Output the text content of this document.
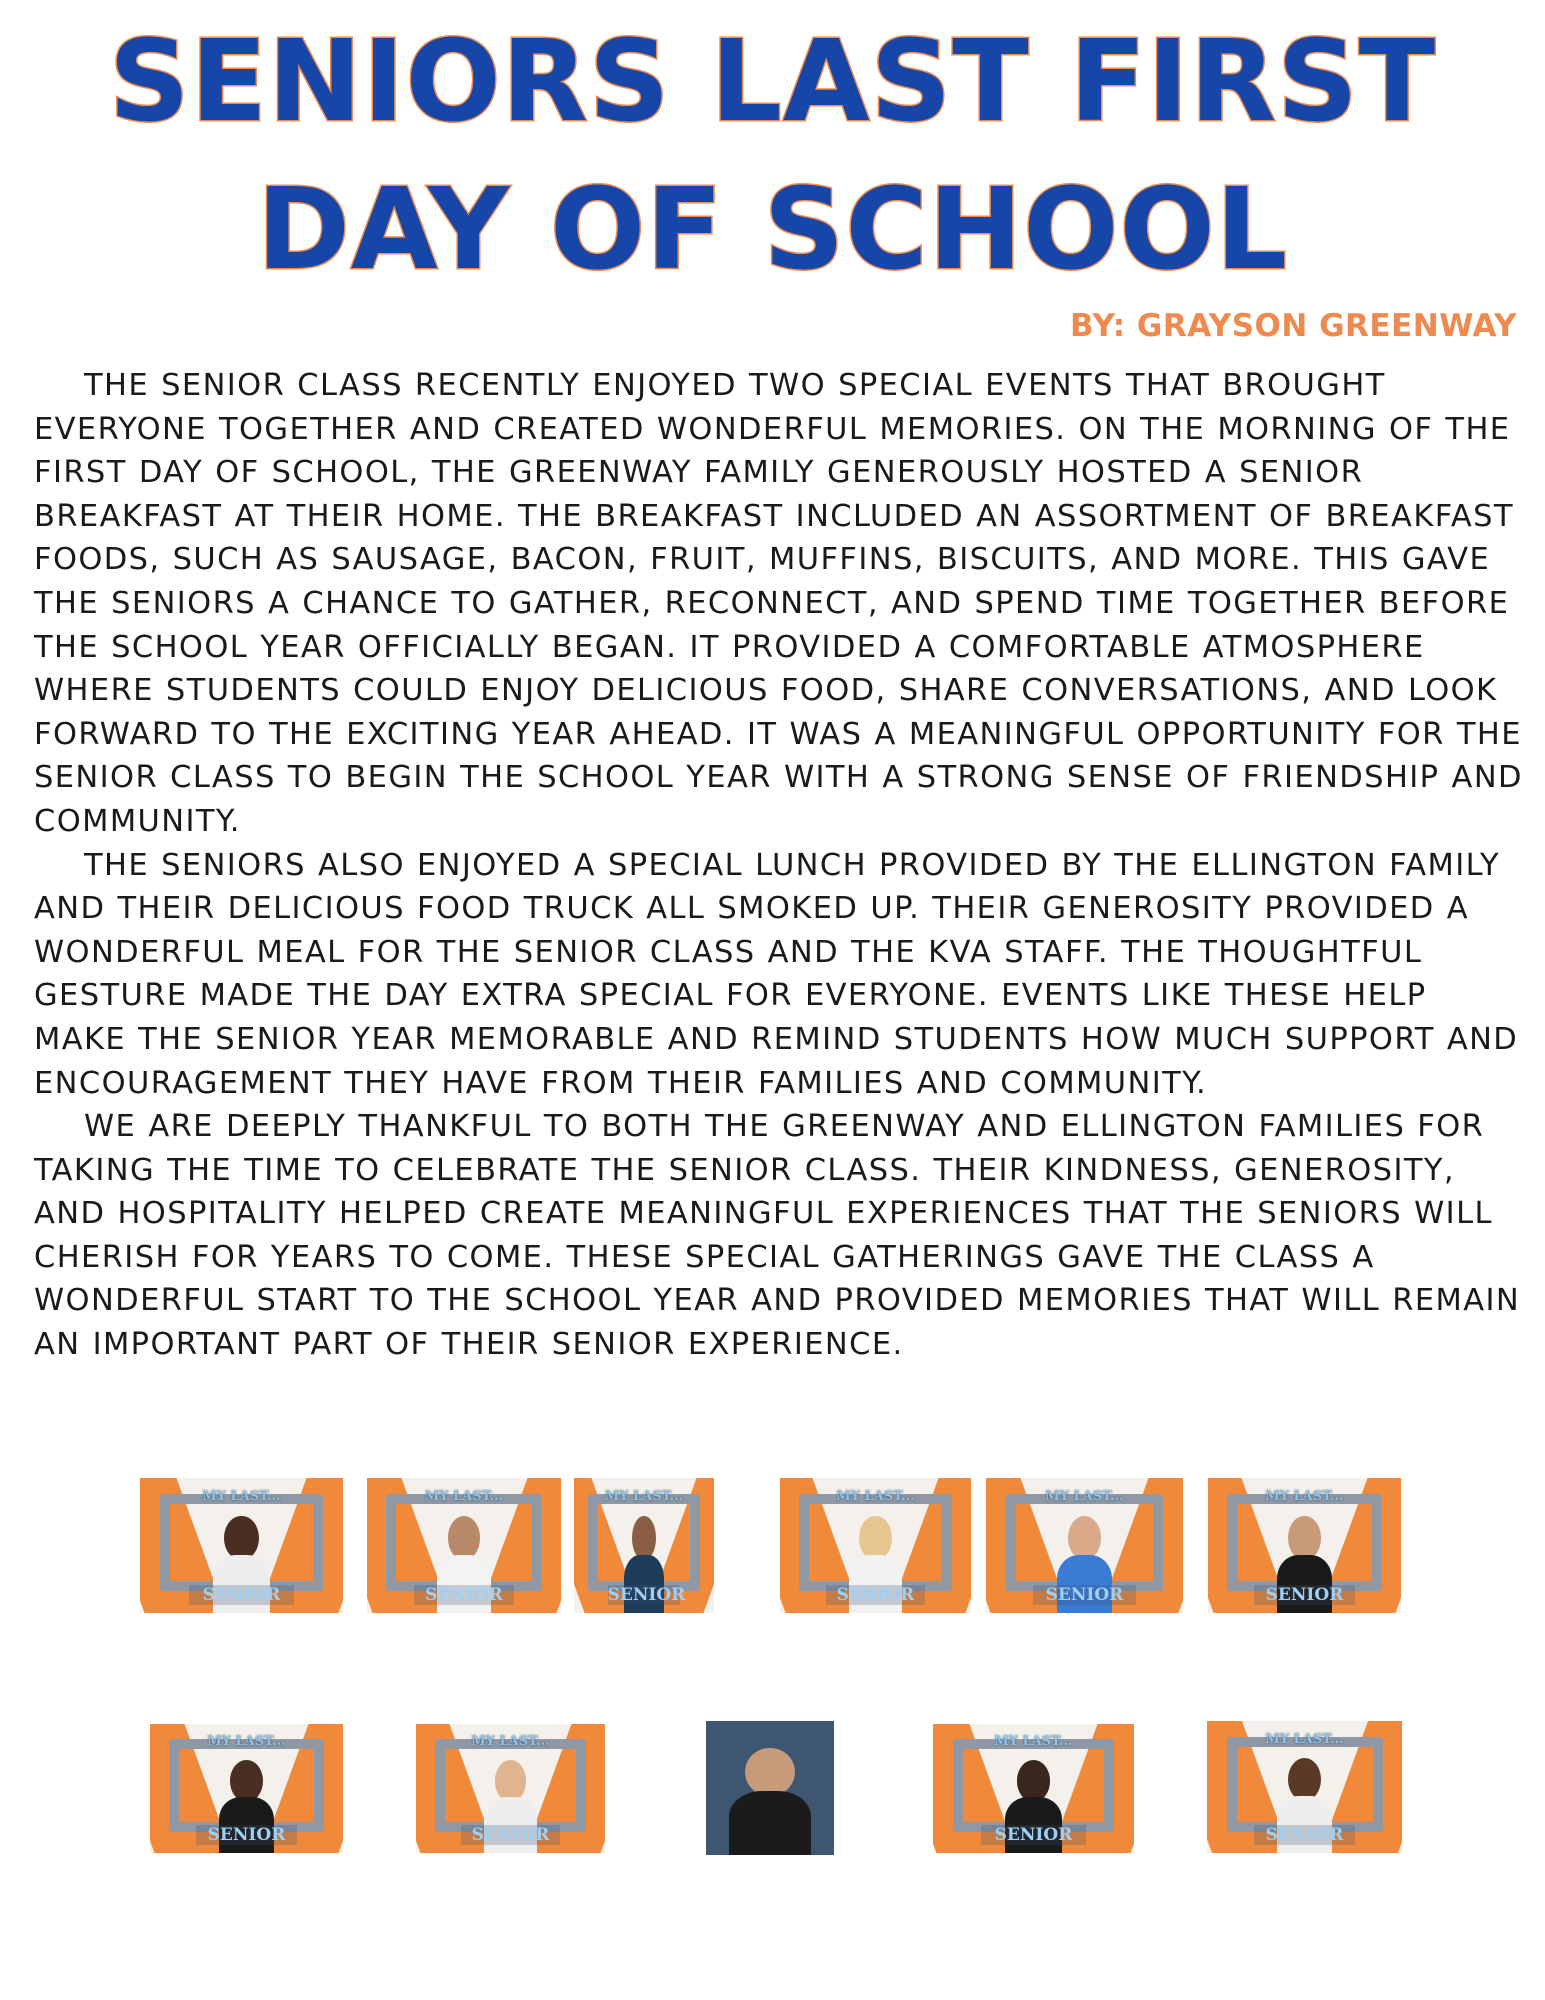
SENIORS LAST FIRST
DAY OF SCHOOL
BY: GRAYSON GREENWAY

THE SENIOR CLASS RECENTLY ENJOYED TWO SPECIAL EVENTS THAT BROUGHT EVERYONE TOGETHER AND CREATED WONDERFUL MEMORIES. ON THE MORNING OF THE FIRST DAY OF SCHOOL, THE GREENWAY FAMILY GENEROUSLY HOSTED A SENIOR BREAKFAST AT THEIR HOME. THE BREAKFAST INCLUDED AN ASSORTMENT OF BREAKFAST FOODS, SUCH AS SAUSAGE, BACON, FRUIT, MUFFINS, BISCUITS, AND MORE. THIS GAVE THE SENIORS A CHANCE TO GATHER, RECONNECT, AND SPEND TIME TOGETHER BEFORE THE SCHOOL YEAR OFFICIALLY BEGAN. IT PROVIDED A COMFORTABLE ATMOSPHERE WHERE STUDENTS COULD ENJOY DELICIOUS FOOD, SHARE CONVERSATIONS, AND LOOK FORWARD TO THE EXCITING YEAR AHEAD. IT WAS A MEANINGFUL OPPORTUNITY FOR THE SENIOR CLASS TO BEGIN THE SCHOOL YEAR WITH A STRONG SENSE OF FRIENDSHIP AND COMMUNITY.

THE SENIORS ALSO ENJOYED A SPECIAL LUNCH PROVIDED BY THE ELLINGTON FAMILY AND THEIR DELICIOUS FOOD TRUCK ALL SMOKED UP. THEIR GENEROSITY PROVIDED A WONDERFUL MEAL FOR THE SENIOR CLASS AND THE KVA STAFF. THE THOUGHTFUL GESTURE MADE THE DAY EXTRA SPECIAL FOR EVERYONE. EVENTS LIKE THESE HELP MAKE THE SENIOR YEAR MEMORABLE AND REMIND STUDENTS HOW MUCH SUPPORT AND ENCOURAGEMENT THEY HAVE FROM THEIR FAMILIES AND COMMUNITY.

WE ARE DEEPLY THANKFUL TO BOTH THE GREENWAY AND ELLINGTON FAMILIES FOR TAKING THE TIME TO CELEBRATE THE SENIOR CLASS. THEIR KINDNESS, GENEROSITY, AND HOSPITALITY HELPED CREATE MEANINGFUL EXPERIENCES THAT THE SENIORS WILL CHERISH FOR YEARS TO COME. THESE SPECIAL GATHERINGS GAVE THE CLASS A WONDERFUL START TO THE SCHOOL YEAR AND PROVIDED MEMORIES THAT WILL REMAIN AN IMPORTANT PART OF THEIR SENIOR EXPERIENCE.

MY LAST...
SENIOR
MY LAST...
SENIOR
MY LAST...
SENIOR
MY LAST...
SENIOR
MY LAST...
SENIOR
MY LAST...
SENIOR
MY LAST...
SENIOR
MY LAST...
SENIOR
MY LAST...
SENIOR
MY LAST...
SENIOR
